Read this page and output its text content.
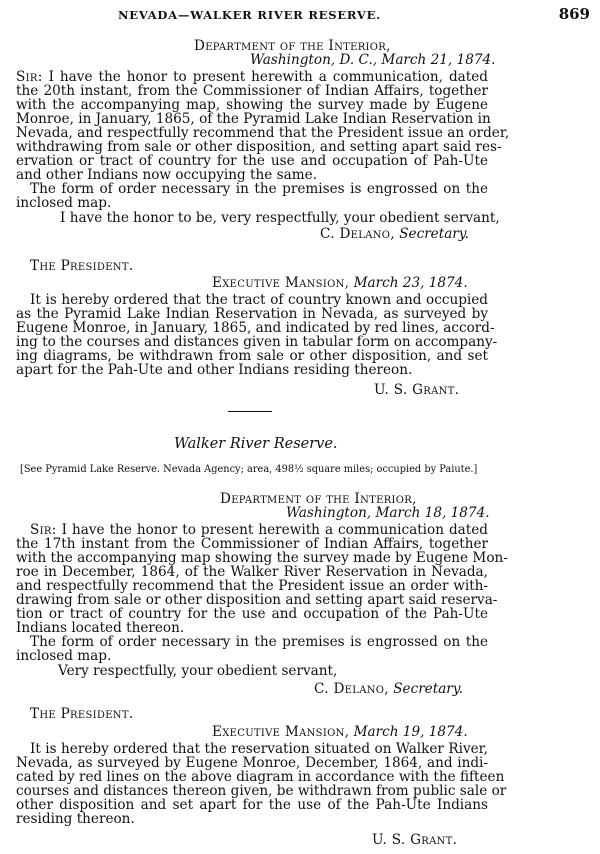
NEVADA—WALKER RIVER RESERVE.	869
Department of the Interior,
Washington, D. C., March 21, 1874.
Sir: I have the honor to present herewith a communication, dated
the 20th instant, from the Commissioner of Indian Affairs, together
with the accompanying map, showing the survey made by Eugene
Monroe, in January, 1865, of the Pyramid Lake Indian Reservation in
Nevada, and respectfully recommend that the President issue an order,
withdrawing from sale or other disposition, and setting apart said res-
ervation or tract of country for the use and occupation of Pah-Ute
and other Indians now occupying the same.
The form of order necessary in the premises is engrossed on the
inclosed map.
I have the honor to be, very respectfully, your obedient servant,
C. Delano, Secretary.
The President.
Executive Mansion, March 23, 1874.
It is hereby ordered that the tract of country known and occupied
as the Pyramid Lake Indian Reservation in Nevada, as surveyed by
Eugene Monroe, in January, 1865, and indicated by red lines, accord-
ing to the courses and distances given in tabular form on accompany-
ing diagrams, be withdrawn from sale or other disposition, and set
apart for the Pah-Ute and other Indians residing thereon.
U. S. Grant.
Walker River Reserve.
[See Pyramid Lake Reserve. Nevada Agency; area, 498½ square miles; occupied by Paiute.]
Department of the Interior,
Washington, March 18, 1874.
Sir: I have the honor to present herewith a communication dated
the 17th instant from the Commissioner of Indian Affairs, together
with the accompanying map showing the survey made by Eugene Mon-
roe in December, 1864, of the Walker River Reservation in Nevada,
and respectfully recommend that the President issue an order with-
drawing from sale or other disposition and setting apart said reserva-
tion or tract of country for the use and occupation of the Pah-Ute
Indians located thereon.
The form of order necessary in the premises is engrossed on the
inclosed map.
Very respectfully, your obedient servant,
C. Delano, Secretary.
The President.
Executive Mansion, March 19, 1874.
It is hereby ordered that the reservation situated on Walker River,
Nevada, as surveyed by Eugene Monroe, December, 1864, and indi-
cated by red lines on the above diagram in accordance with the fifteen
courses and distances thereon given, be withdrawn from public sale or
other disposition and set apart for the use of the Pah-Ute Indians
residing thereon.
U. S. Grant.
